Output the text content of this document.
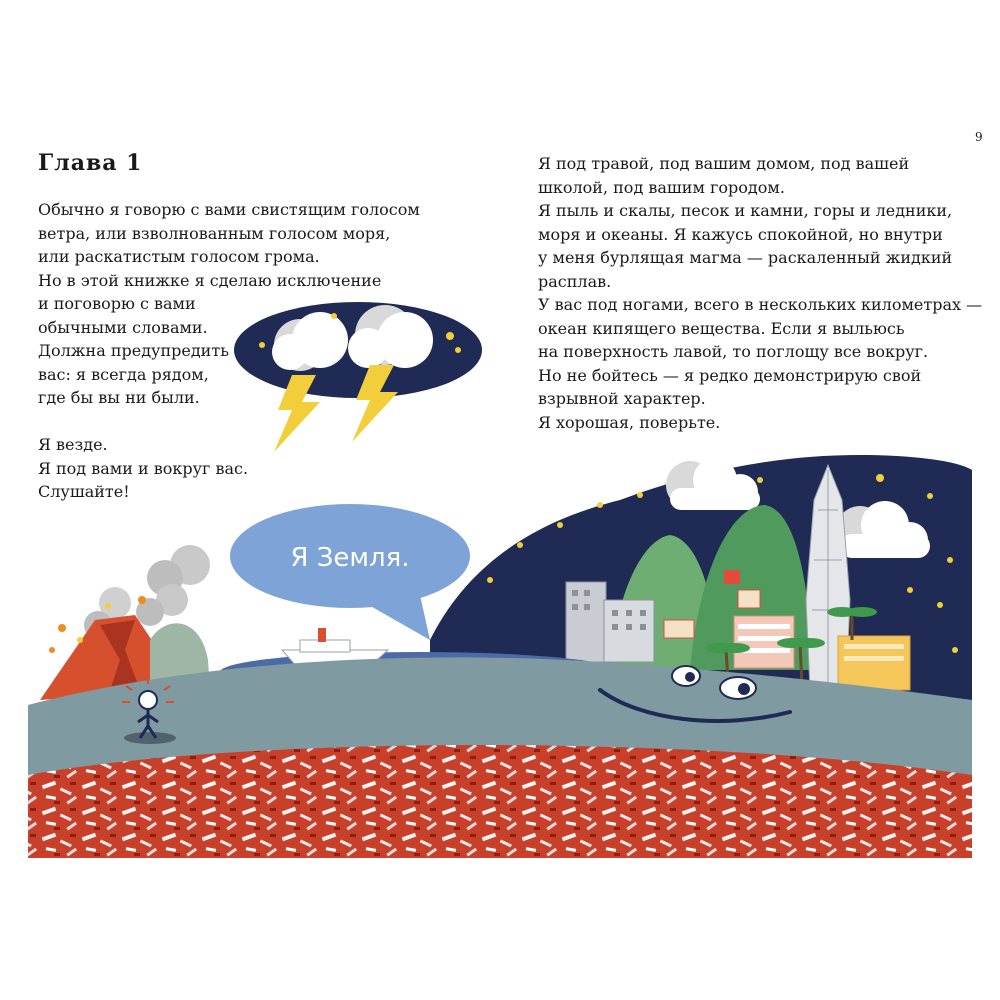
9
Глава 1
Обычно я говорю с вами свистящим голосом
ветра, или взволнованным голосом моря,
или раскатистым голосом грома.
Но в этой книжке я сделаю исключение
и поговорю с вами
обычными словами.
Должна предупредить
вас: я всегда рядом,
где бы вы ни были.
Я везде.
Я под вами и вокруг вас.
Слушайте!
Я под травой, под вашим домом, под вашей
школой, под вашим городом.
Я пыль и скалы, песок и камни, горы и ледники,
моря и океаны. Я кажусь спокойной, но внутри
у меня бурлящая магма — раскаленный жидкий
расплав.
У вас под ногами, всего в нескольких километрах —
океан кипящего вещества. Если я выльюсь
на поверхность лавой, то поглощу все вокруг.
Но не бойтесь — я редко демонстрирую свой
взрывной характер.
Я хорошая, поверьте.
Я Земля.
